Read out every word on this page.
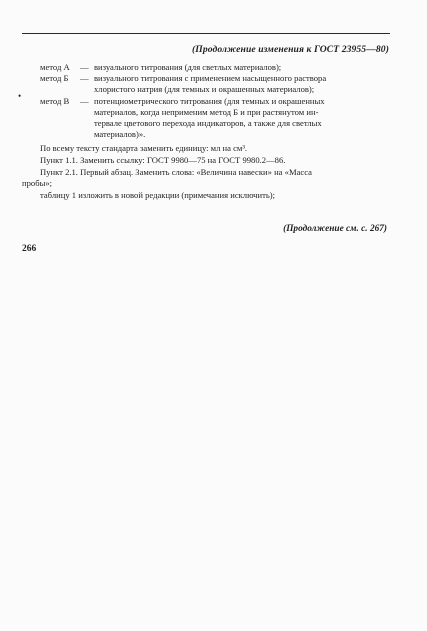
(Продолжение изменения к ГОСТ 23955—80)
метод А — визуального титрования (для светлых материалов);
метод Б — визуального титрования с применением насыщенного раствора
хлористого натрия (для темных и окрашенных материалов);
• метод В — потенциометрического титрования (для темных и окрашенных
материалов, когда неприменим метод Б и при растянутом ин-
тервале цветового перехода индикаторов, а также для светлых
материалов)».
По всему тексту стандарта заменить единицу: мл на см³.
Пункт 1.1. Заменить ссылку: ГОСТ 9980—75 на ГОСТ 9980.2—86.
Пункт 2.1. Первый абзац. Заменить слова: «Величина навески» на «Масса
пробы»;
таблицу 1 изложить в новой редакции (примечания исключить);
(Продолжение см. с. 267)
266
